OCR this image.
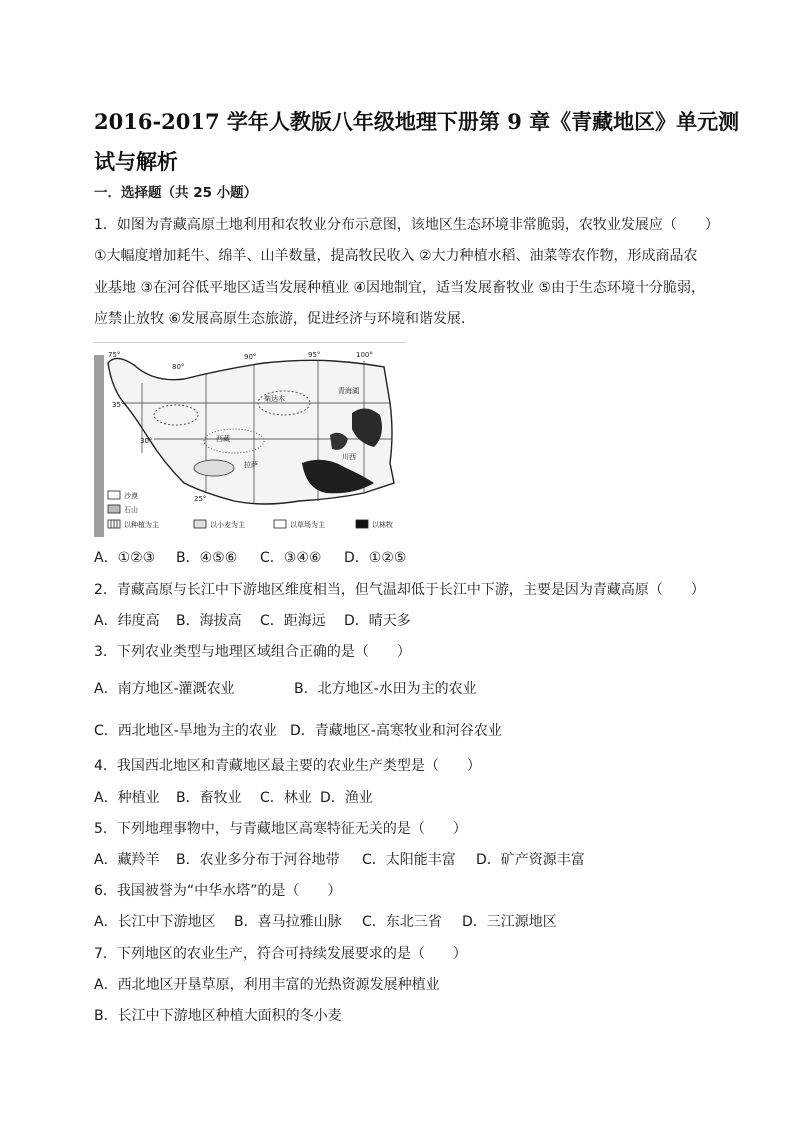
2016-2017 学年人教版八年级地理下册第 9 章《青藏地区》单元测
试与解析
一．选择题（共 25 小题）
1．如图为青藏高原土地利用和农牧业分布示意图，该地区生态环境非常脆弱，农牧业发展应（　　）
①大幅度增加耗牛、绵羊、山羊数量，提高牧民收入 ②大力种植水稻、油菜等农作物，形成商品农
业基地 ③在河谷低平地区适当发展种植业 ④因地制宜，适当发展畜牧业 ⑤由于生态环境十分脆弱，
应禁止放牧 ⑥发展高原生态旅游，促进经济与环境和谐发展．
75°
80°
90°	95°	100°
35°
30°
25°
柴达木
青海湖
西藏
川西
拉萨
沙漠
石山
以种植为主	以小麦为主	以草场为主	以林牧
A．①②③ B．④⑤⑥ C．③④⑥ D．①②⑤
2．青藏高原与长江中下游地区维度相当，但气温却低于长江中下游，主要是因为青藏高原（　　）
A．纬度高 B．海拔高 C．距海远 D．晴天多
3．下列农业类型与地理区域组合正确的是（　　）
A．南方地区-灌溉农业	B．北方地区-水田为主的农业
C．西北地区-旱地为主的农业 D．青藏地区-高寒牧业和河谷农业
4．我国西北地区和青藏地区最主要的农业生产类型是（　　）
A．种植业 B．畜牧业 C．林业 D．渔业
5．下列地理事物中，与青藏地区高寒特征无关的是（　　）
A．藏羚羊 B．农业多分布于河谷地带 C．太阳能丰富 D．矿产资源丰富
6．我国被誉为“中华水塔”的是（　　）
A．长江中下游地区 B．喜马拉雅山脉 C．东北三省 D．三江源地区
7．下列地区的农业生产，符合可持续发展要求的是（　　）
A．西北地区开垦草原，利用丰富的光热资源发展种植业
B．长江中下游地区种植大面积的冬小麦
